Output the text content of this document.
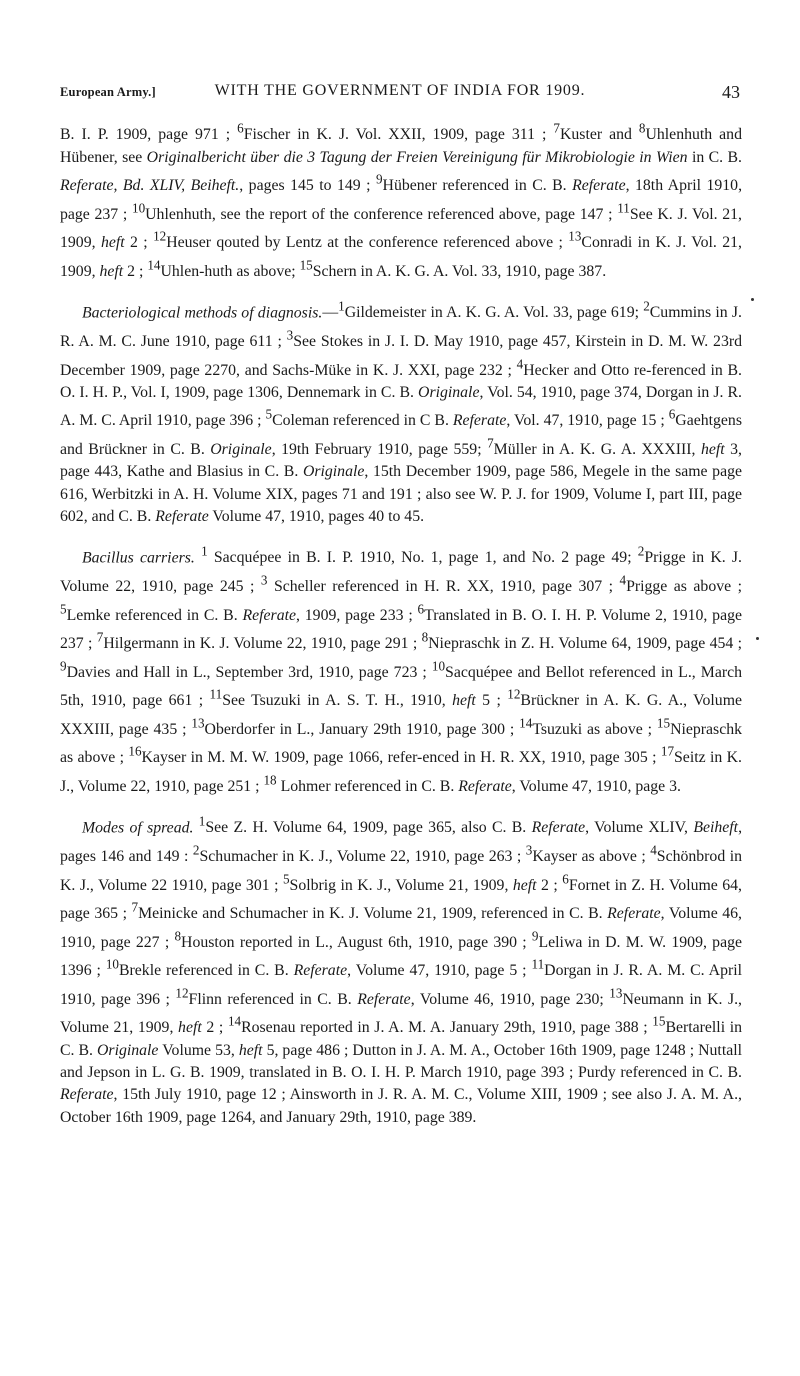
European Army.]	WITH THE GOVERNMENT OF INDIA FOR 1909.	43

B. I. P. 1909, page 971 ; $^6$Fischer in K. J. Vol. XXII, 1909, page 311 ; $^7$Kuster and $^8$Uhlenhuth and Hübener, see Originalbericht über die 3 Tagung der Freien Vereinigung für Mikrobiologie in Wien in C. B. Referate, Bd. XLIV, Beiheft., pages 145 to 149 ; $^9$Hübener referenced in C. B. Referate, 18th April 1910, page 237 ; $^{10}$Uhlenhuth, see the report of the conference referenced above, page 147 ; $^{11}$See K. J. Vol. 21, 1909, heft 2 ; $^{12}$Heuser qouted by Lentz at the conference referenced above ; $^{13}$Conradi in K. J. Vol. 21, 1909, heft 2 ; $^{14}$Uhlen-huth as above; $^{15}$Schern in A. K. G. A. Vol. 33, 1910, page 387.

Bacteriological methods of diagnosis.—$^1$Gildemeister in A. K. G. A. Vol. 33, page 619; $^2$Cummins in J. R. A. M. C. June 1910, page 611 ; $^3$See Stokes in J. I. D. May 1910, page 457, Kirstein in D. M. W. 23rd December 1909, page 2270, and Sachs-Müke in K. J. XXI, page 232 ; $^4$Hecker and Otto re-ferenced in B. O. I. H. P., Vol. I, 1909, page 1306, Dennemark in C. B. Originale, Vol. 54, 1910, page 374, Dorgan in J. R. A. M. C. April 1910, page 396 ; $^5$Coleman referenced in C B. Referate, Vol. 47, 1910, page 15 ; $^6$Gaehtgens and Brückner in C. B. Originale, 19th February 1910, page 559; $^7$Müller in A. K. G. A. XXXIII, heft 3, page 443, Kathe and Blasius in C. B. Originale, 15th December 1909, page 586, Megele in the same page 616, Werbitzki in A. H. Volume XIX, pages 71 and 191 ; also see W. P. J. for 1909, Volume I, part III, page 602, and C. B. Referate Volume 47, 1910, pages 40 to 45.

Bacillus carriers. $^1$ Sacquépee in B. I. P. 1910, No. 1, page 1, and No. 2 page 49; $^2$Prigge in K. J. Volume 22, 1910, page 245 ; $^3$ Scheller referenced in H. R. XX, 1910, page 307 ; $^4$Prigge as above ; $^5$Lemke referenced in C. B. Referate, 1909, page 233 ; $^6$Translated in B. O. I. H. P. Volume 2, 1910, page 237 ; $^7$Hilgermann in K. J. Volume 22, 1910, page 291 ; $^8$Niepraschk in Z. H. Volume 64, 1909, page 454 ; $^9$Davies and Hall in L., September 3rd, 1910, page 723 ; $^{10}$Sacquépee and Bellot referenced in L., March 5th, 1910, page 661 ; $^{11}$See Tsuzuki in A. S. T. H., 1910, heft 5 ; $^{12}$Brückner in A. K. G. A., Volume XXXIII, page 435 ; $^{13}$Oberdorfer in L., January 29th 1910, page 300 ; $^{14}$Tsuzuki as above ; $^{15}$Niepraschk as above ; $^{16}$Kayser in M. M. W. 1909, page 1066, refer-enced in H. R. XX, 1910, page 305 ; $^{17}$Seitz in K. J., Volume 22, 1910, page 251 ; $^{18}$ Lohmer referenced in C. B. Referate, Volume 47, 1910, page 3.

Modes of spread. $^1$See Z. H. Volume 64, 1909, page 365, also C. B. Referate, Volume XLIV, Beiheft, pages 146 and 149 : $^2$Schumacher in K. J., Volume 22, 1910, page 263 ; $^3$Kayser as above ; $^4$Schönbrod in K. J., Volume 22 1910, page 301 ; $^5$Solbrig in K. J., Volume 21, 1909, heft 2 ; $^6$Fornet in Z. H. Volume 64, page 365 ; $^7$Meinicke and Schumacher in K. J. Volume 21, 1909, referenced in C. B. Referate, Volume 46, 1910, page 227 ; $^8$Houston reported in L., August 6th, 1910, page 390 ; $^9$Leliwa in D. M. W. 1909, page 1396 ; $^{10}$Brekle referenced in C. B. Referate, Volume 47, 1910, page 5 ; $^{11}$Dorgan in J. R. A. M. C. April 1910, page 396 ; $^{12}$Flinn referenced in C. B. Referate, Volume 46, 1910, page 230; $^{13}$Neumann in K. J., Volume 21, 1909, heft 2 ; $^{14}$Rosenau reported in J. A. M. A. January 29th, 1910, page 388 ; $^{15}$Bertarelli in C. B. Originale Volume 53, heft 5, page 486 ; Dutton in J. A. M. A., October 16th 1909, page 1248 ; Nuttall and Jepson in L. G. B. 1909, translated in B. O. I. H. P. March 1910, page 393 ; Purdy referenced in C. B. Referate, 15th July 1910, page 12 ; Ainsworth in J. R. A. M. C., Volume XIII, 1909 ; see also J. A. M. A., October 16th 1909, page 1264, and January 29th, 1910, page 389.
